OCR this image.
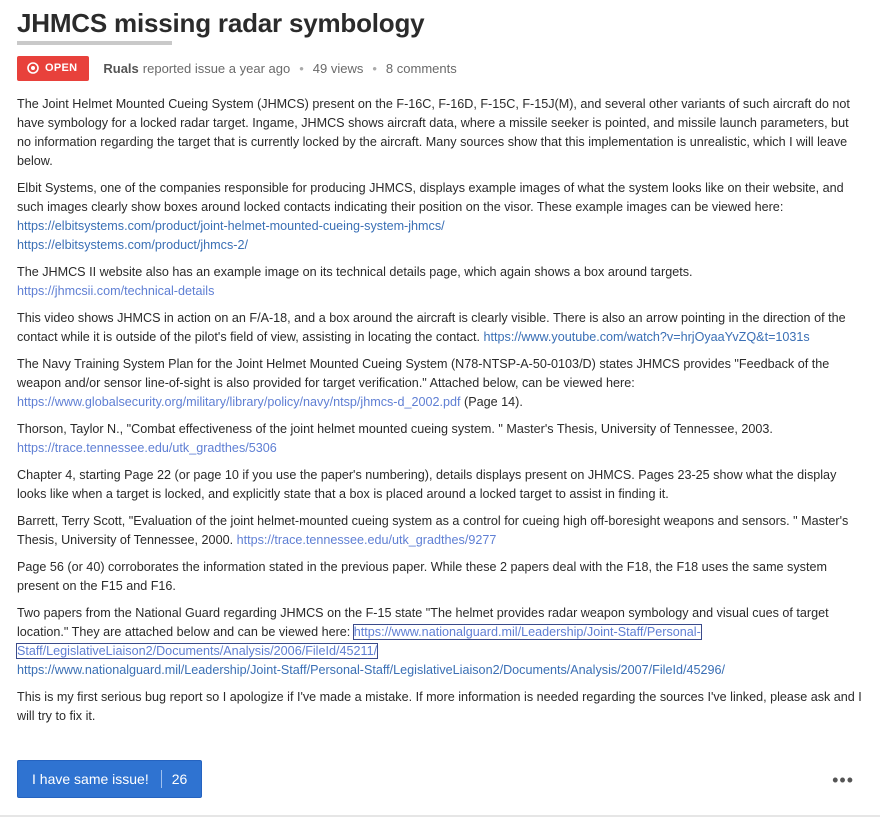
JHMCS missing radar symbology
OPEN Ruals reported issue a year ago • 49 views • 8 comments

The Joint Helmet Mounted Cueing System (JHMCS) present on the F-16C, F-16D, F-15C, F-15J(M), and several other variants of such aircraft do not have symbology for a locked radar target. Ingame, JHMCS shows aircraft data, where a missile seeker is pointed, and missile launch parameters, but no information regarding the target that is currently locked by the aircraft. Many sources show that this implementation is unrealistic, which I will leave below.

Elbit Systems, one of the companies responsible for producing JHMCS, displays example images of what the system looks like on their website, and such images clearly show boxes around locked contacts indicating their position on the visor. These example images can be viewed here:
https://elbitsystems.com/product/joint-helmet-mounted-cueing-system-jhmcs/
https://elbitsystems.com/product/jhmcs-2/

The JHMCS II website also has an example image on its technical details page, which again shows a box around targets.
https://jhmcsii.com/technical-details

This video shows JHMCS in action on an F/A-18, and a box around the aircraft is clearly visible. There is also an arrow pointing in the direction of the contact while it is outside of the pilot's field of view, assisting in locating the contact. https://www.youtube.com/watch?v=hrjOyaaYvZQ&t=1031s

The Navy Training System Plan for the Joint Helmet Mounted Cueing System (N78-NTSP-A-50-0103/D) states JHMCS provides "Feedback of the weapon and/or sensor line-of-sight is also provided for target verification." Attached below, can be viewed here:
https://www.globalsecurity.org/military/library/policy/navy/ntsp/jhmcs-d_2002.pdf (Page 14).

Thorson, Taylor N., "Combat effectiveness of the joint helmet mounted cueing system. " Master's Thesis, University of Tennessee, 2003.
https://trace.tennessee.edu/utk_gradthes/5306

Chapter 4, starting Page 22 (or page 10 if you use the paper's numbering), details displays present on JHMCS. Pages 23-25 show what the display looks like when a target is locked, and explicitly state that a box is placed around a locked target to assist in finding it.

Barrett, Terry Scott, "Evaluation of the joint helmet-mounted cueing system as a control for cueing high off-boresight weapons and sensors. " Master's Thesis, University of Tennessee, 2000. https://trace.tennessee.edu/utk_gradthes/9277

Page 56 (or 40) corroborates the information stated in the previous paper. While these 2 papers deal with the F18, the F18 uses the same system present on the F15 and F16.

Two papers from the National Guard regarding JHMCS on the F-15 state "The helmet provides radar weapon symbology and visual cues of target location." They are attached below and can be viewed here: https://www.nationalguard.mil/Leadership/Joint-Staff/Personal-Staff/LegislativeLiaison2/Documents/Analysis/2006/FileId/45211/
https://www.nationalguard.mil/Leadership/Joint-Staff/Personal-Staff/LegislativeLiaison2/Documents/Analysis/2007/FileId/45296/

This is my first serious bug report so I apologize if I've made a mistake. If more information is needed regarding the sources I've linked, please ask and I will try to fix it.

I have same issue! 26	•••
